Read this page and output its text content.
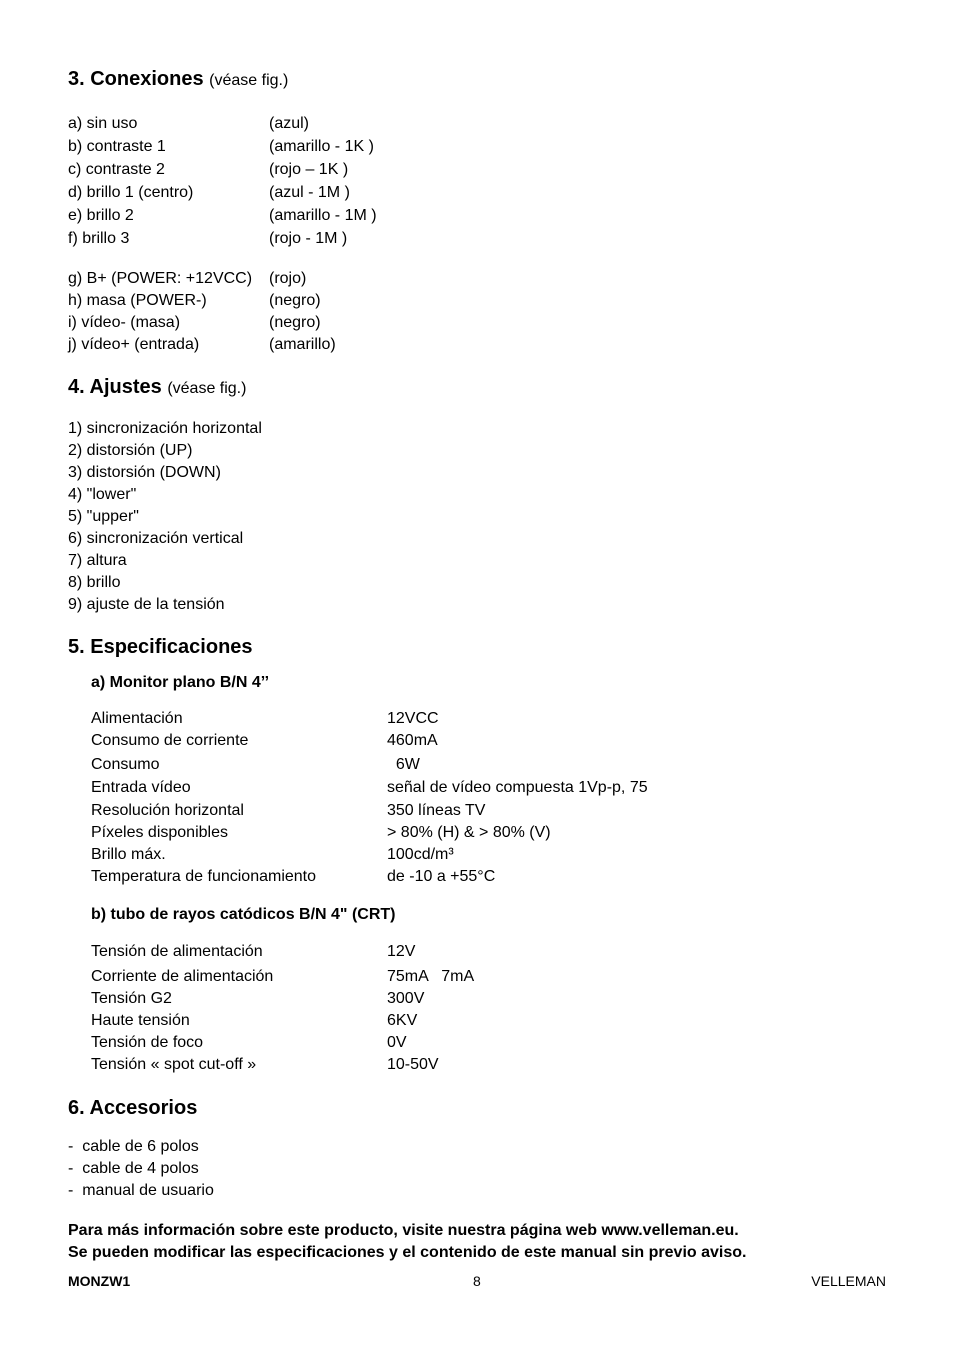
3. Conexiones (véase fig.)
a) sin uso	(azul)
b) contraste 1	(amarillo - 1K )
c) contraste 2	(rojo – 1K )
d) brillo 1 (centro)	(azul - 1M )
e) brillo 2	(amarillo - 1M )
f) brillo 3	(rojo - 1M )
g) B+ (POWER: +12VCC) (rojo)
h) masa (POWER-)	(negro)
i) vídeo- (masa)	(negro)
j) vídeo+ (entrada)	(amarillo)
4. Ajustes (véase fig.)
1) sincronización horizontal
2) distorsión (UP)
3) distorsión (DOWN)
4) "lower"
5) "upper"
6) sincronización vertical
7) altura
8) brillo
9) ajuste de la tensión
5. Especificaciones
a) Monitor plano B/N 4’’
Alimentación	12VCC
Consumo de corriente	460mA
Consumo	6W
Entrada vídeo	señal de vídeo compuesta 1Vp-p, 75
Resolución horizontal	350 líneas TV
Píxeles disponibles	> 80% (H) & > 80% (V)
Brillo máx.	100cd/m³
Temperatura de funcionamiento	de -10 a +55°C
b) tubo de rayos catódicos B/N 4" (CRT)
Tensión de alimentación	12V
Corriente de alimentación	75mA   7mA
Tensión G2	300V
Haute tensión	6KV
Tensión de foco	0V
Tensión « spot cut-off »	10-50V
6. Accesorios
-  cable de 6 polos
-  cable de 4 polos
-  manual de usuario
Para más información sobre este producto, visite nuestra página web www.velleman.eu.
Se pueden modificar las especificaciones y el contenido de este manual sin previo aviso.
MONZW1	8	VELLEMAN
